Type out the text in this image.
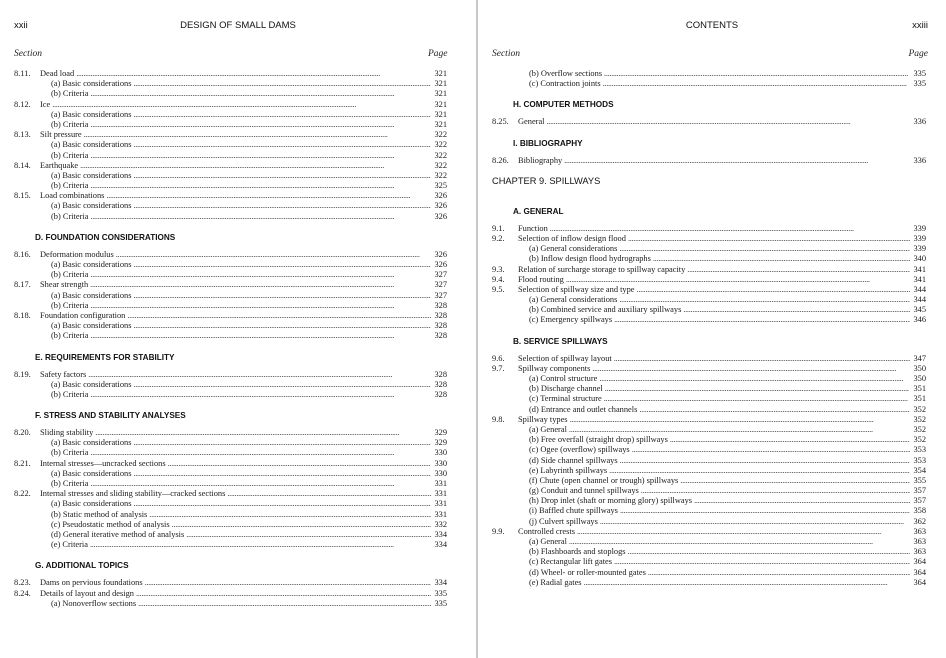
xxii	DESIGN OF SMALL DAMS
Section	Page
8.11. Dead load . . .	321
(a) Basic considerations . . .	321
(b) Criteria . . .	321
8.12. Ice . . .	321
(a) Basic considerations . . .	321
(b) Criteria . . .	321
8.13. Silt pressure . . .	322
(a) Basic considerations . . .	322
(b) Criteria . . .	322
8.14. Earthquake . . .	322
(a) Basic considerations . . .	322
(b) Criteria . . .	325
8.15. Load combinations . . .	326
(a) Basic considerations . . .	326
(b) Criteria . . .	326
D. FOUNDATION CONSIDERATIONS
8.16. Deformation modulus . . .	326
(a) Basic considerations . . .	326
(b) Criteria . . .	327
8.17. Shear strength . . .	327
(a) Basic considerations . . .	327
(b) Criteria . . .	328
8.18. Foundation configuration . . .	328
(a) Basic considerations . . .	328
(b) Criteria . . .	328
E. REQUIREMENTS FOR STABILITY
8.19. Safety factors . . .	328
(a) Basic considerations . . .	328
(b) Criteria . . .	328
F. STRESS AND STABILITY ANALYSES
8.20. Sliding stability . . .	329
(a) Basic considerations . . .	329
(b) Criteria . . .	330
8.21. Internal stresses—uncracked sections . . .	330
(a) Basic considerations . . .	330
(b) Criteria . . .	331
8.22. Internal stresses and sliding stability—cracked sections . . .	331
(a) Basic considerations . . .	331
(b) Static method of analysis . . .	331
(c) Pseudostatic method of analysis . . .	332
(d) General iterative method of analysis . . .	334
(e) Criteria . . .	334
G. ADDITIONAL TOPICS
8.23. Dams on pervious foundations . . .	334
8.24. Details of layout and design . . .	335
(a) Nonoverflow sections . . .	335
xxiii
CONTENTS
Section	Page
(b) Overflow sections . . .	335
(c) Contraction joints . . .	335
H. COMPUTER METHODS
8.25. General . . .	336
I. BIBLIOGRAPHY
8.26. Bibliography . . .	336
CHAPTER 9. SPILLWAYS
A. GENERAL
9.1. Function . . .	339
9.2. Selection of inflow design flood . . .	339
(a) General considerations . . .	339
(b) Inflow design flood hydrographs . . .	340
9.3. Relation of surcharge storage to spillway capacity . . .	341
9.4. Flood routing . . .	341
9.5. Selection of spillway size and type . . .	344
(a) General considerations . . .	344
(b) Combined service and auxiliary spillways . . .	345
(c) Emergency spillways . . .	346
B. SERVICE SPILLWAYS
9.6. Selection of spillway layout . . .	347
9.7. Spillway components . . .	350
(a) Control structure . . .	350
(b) Discharge channel . . .	351
(c) Terminal structure . . .	351
(d) Entrance and outlet channels . . .	352
9.8. Spillway types . . .	352
(a) General . . .	352
(b) Free overfall (straight drop) spillways . . .	352
(c) Ogee (overflow) spillways . . .	353
(d) Side channel spillways . . .	353
(e) Labyrinth spillways . . .	354
(f) Chute (open channel or trough) spillways . . .	355
(g) Conduit and tunnel spillways . . .	357
(h) Drop inlet (shaft or morning glory) spillways . . .	357
(i) Baffled chute spillways . . .	358
(j) Culvert spillways . . .	362
9.9. Controlled crests . . .	363
(a) General . . .	363
(b) Flashboards and stoplogs . . .	363
(c) Rectangular lift gates . . .	364
(d) Wheel- or roller-mounted gates . . .	364
(e) Radial gates . . .	364
